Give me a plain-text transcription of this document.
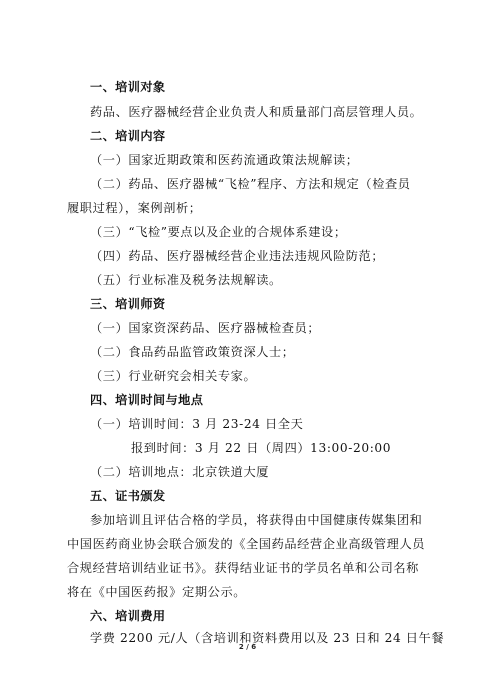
一、培训对象
药品、医疗器械经营企业负责人和质量部门高层管理人员。
二、培训内容
（一）国家近期政策和医药流通政策法规解读；
（二）药品、医疗器械“飞检”程序、方法和规定（检查员
履职过程），案例剖析；
（三）“飞检”要点以及企业的合规体系建设；
（四）药品、医疗器械经营企业违法违规风险防范；
（五）行业标准及税务法规解读。
三、培训师资
（一）国家资深药品、医疗器械检查员；
（二）食品药品监管政策资深人士；
（三）行业研究会相关专家。
四、培训时间与地点
（一）培训时间：3 月 23-24 日全天
报到时间：3 月 22 日（周四）13:00-20:00
（二）培训地点：北京铁道大厦
五、证书颁发
参加培训且评估合格的学员，将获得由中国健康传媒集团和
中国医药商业协会联合颁发的《全国药品经营企业高级管理人员
合规经营培训结业证书》。获得结业证书的学员名单和公司名称
将在《中国医药报》定期公示。
六、培训费用
学费 2200 元/人（含培训和资料费用以及 23 日和 24 日午餐
2 / 6
